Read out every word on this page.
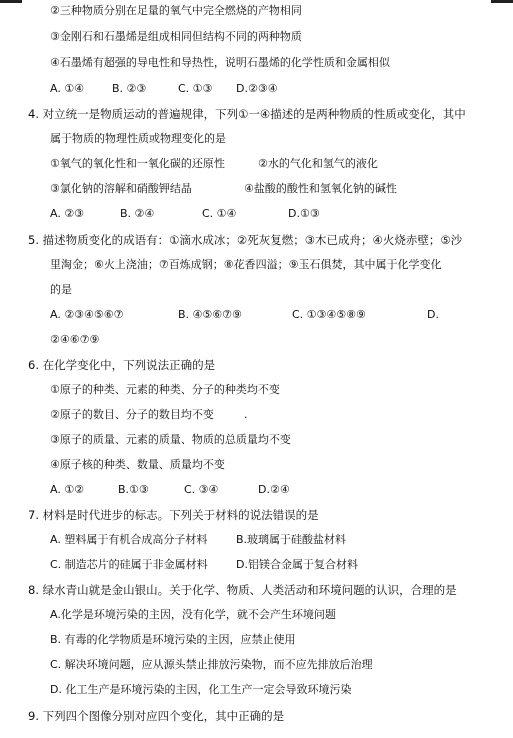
②三种物质分别在足量的氧气中完全燃烧的产物相同
③金刚石和石墨烯是组成相同但结构不同的两种物质
④石墨烯有超强的导电性和导热性，说明石墨烯的化学性质和金属相似
A. ①④	B. ②③	C. ①③	D.②③④
4. 对立统一是物质运动的普遍规律，下列①一④描述的是两种物质的性质或变化，其中
属于物质的物理性质或物理变化的是
①氧气的氧化性和一氧化碳的还原性	②水的气化和氢气的液化
③氯化钠的溶解和硝酸钾结晶	④盐酸的酸性和氢氧化钠的碱性
A. ②③	B. ②④	C. ①④	D.①③
5. 描述物质变化的成语有：①滴水成冰；②死灰复燃；③木已成舟；④火烧赤壁；⑤沙
里淘金；⑥火上浇油；⑦百炼成钢；⑧花香四溢；⑨玉石俱焚，其中属于化学变化
的是
A. ②③④⑤⑥⑦	B. ④⑤⑥⑦⑨	C. ①③④⑤⑧⑨	D.
②④⑥⑦⑨
6. 在化学变化中，下列说法正确的是
①原子的种类、元素的种类、分子的种类均不变
②原子的数目、分子的数目均不变	.
③原子的质量、元素的质量、物质的总质量均不变
④原子核的种类、数量、质量均不变
A. ①②	B.①③	C. ③④	D.②④
7. 材料是时代进步的标志。下列关于材料的说法错误的是
A. 塑料属于有机合成高分子材料	B.玻璃属于硅酸盐材料
C. 制造芯片的硅属于非金属材料	D.铝镁合金属于复合材料
8. 绿水青山就是金山银山。关于化学、物质、人类活动和环境问题的认识，合理的是
A.化学是环境污染的主因，没有化学，就不会产生环境问题
B. 有毒的化学物质是环境污染的主因，应禁止使用
C. 解决环境问题，应从源头禁止排放污染物，而不应先排放后治理
D. 化工生产是环境污染的主因，化工生产一定会导致环境污染
9. 下列四个图像分别对应四个变化，其中正确的是
